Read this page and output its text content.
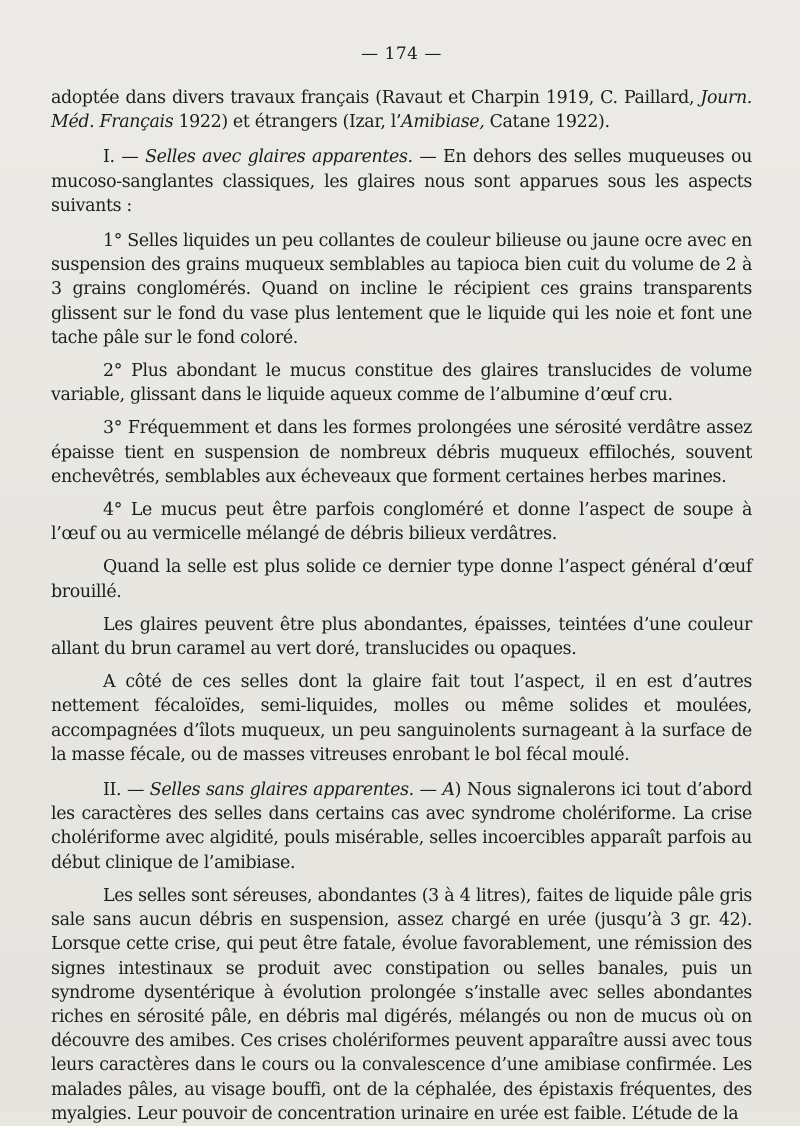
— 174 —

adoptée dans divers travaux français (Ravaut et Charpin 1919, C. Paillard, Journ. Méd. Français 1922) et étrangers (Izar, l’Amibiase, Catane 1922).

I. — Selles avec glaires apparentes. — En dehors des selles muqueuses ou mucoso-sanglantes classiques, les glaires nous sont apparues sous les aspects suivants :

1° Selles liquides un peu collantes de couleur bilieuse ou jaune ocre avec en suspension des grains muqueux semblables au tapioca bien cuit du volume de 2 à 3 grains conglomérés. Quand on incline le récipient ces grains transparents glissent sur le fond du vase plus lentement que le liquide qui les noie et font une tache pâle sur le fond coloré.

2° Plus abondant le mucus constitue des glaires translucides de volume variable, glissant dans le liquide aqueux comme de l’albumine d’œuf cru.

3° Fréquemment et dans les formes prolongées une sérosité verdâtre assez épaisse tient en suspension de nombreux débris muqueux effilochés, souvent enchevêtrés, semblables aux écheveaux que forment certaines herbes marines.

4° Le mucus peut être parfois congloméré et donne l’aspect de soupe à l’œuf ou au vermicelle mélangé de débris bilieux verdâtres.

Quand la selle est plus solide ce dernier type donne l’aspect général d’œuf brouillé.

Les glaires peuvent être plus abondantes, épaisses, teintées d’une couleur allant du brun caramel au vert doré, translucides ou opaques.

A côté de ces selles dont la glaire fait tout l’aspect, il en est d’autres nettement fécaloïdes, semi-liquides, molles ou même solides et moulées, accompagnées d’îlots muqueux, un peu sanguinolents surnageant à la surface de la masse fécale, ou de masses vitreuses enrobant le bol fécal moulé.

II. — Selles sans glaires apparentes. — A) Nous signalerons ici tout d’abord les caractères des selles dans certains cas avec syndrome cholériforme. La crise cholériforme avec algidité, pouls misérable, selles incoercibles apparaît parfois au début clinique de l’amibiase.

Les selles sont séreuses, abondantes (3 à 4 litres), faites de liquide pâle gris sale sans aucun débris en suspension, assez chargé en urée (jusqu’à 3 gr. 42). Lorsque cette crise, qui peut être fatale, évolue favorablement, une rémission des signes intestinaux se produit avec constipation ou selles banales, puis un syndrome dysentérique à évolution prolongée s’installe avec selles abondantes riches en sérosité pâle, en débris mal digérés, mélangés ou non de mucus où on découvre des amibes. Ces crises cholériformes peuvent apparaître aussi avec tous leurs caractères dans le cours ou la convalescence d’une amibiase confirmée. Les malades pâles, au visage bouffi, ont de la céphalée, des épistaxis fréquentes, des myalgies. Leur pouvoir de concentration urinaire en urée est faible. L’étude de la
